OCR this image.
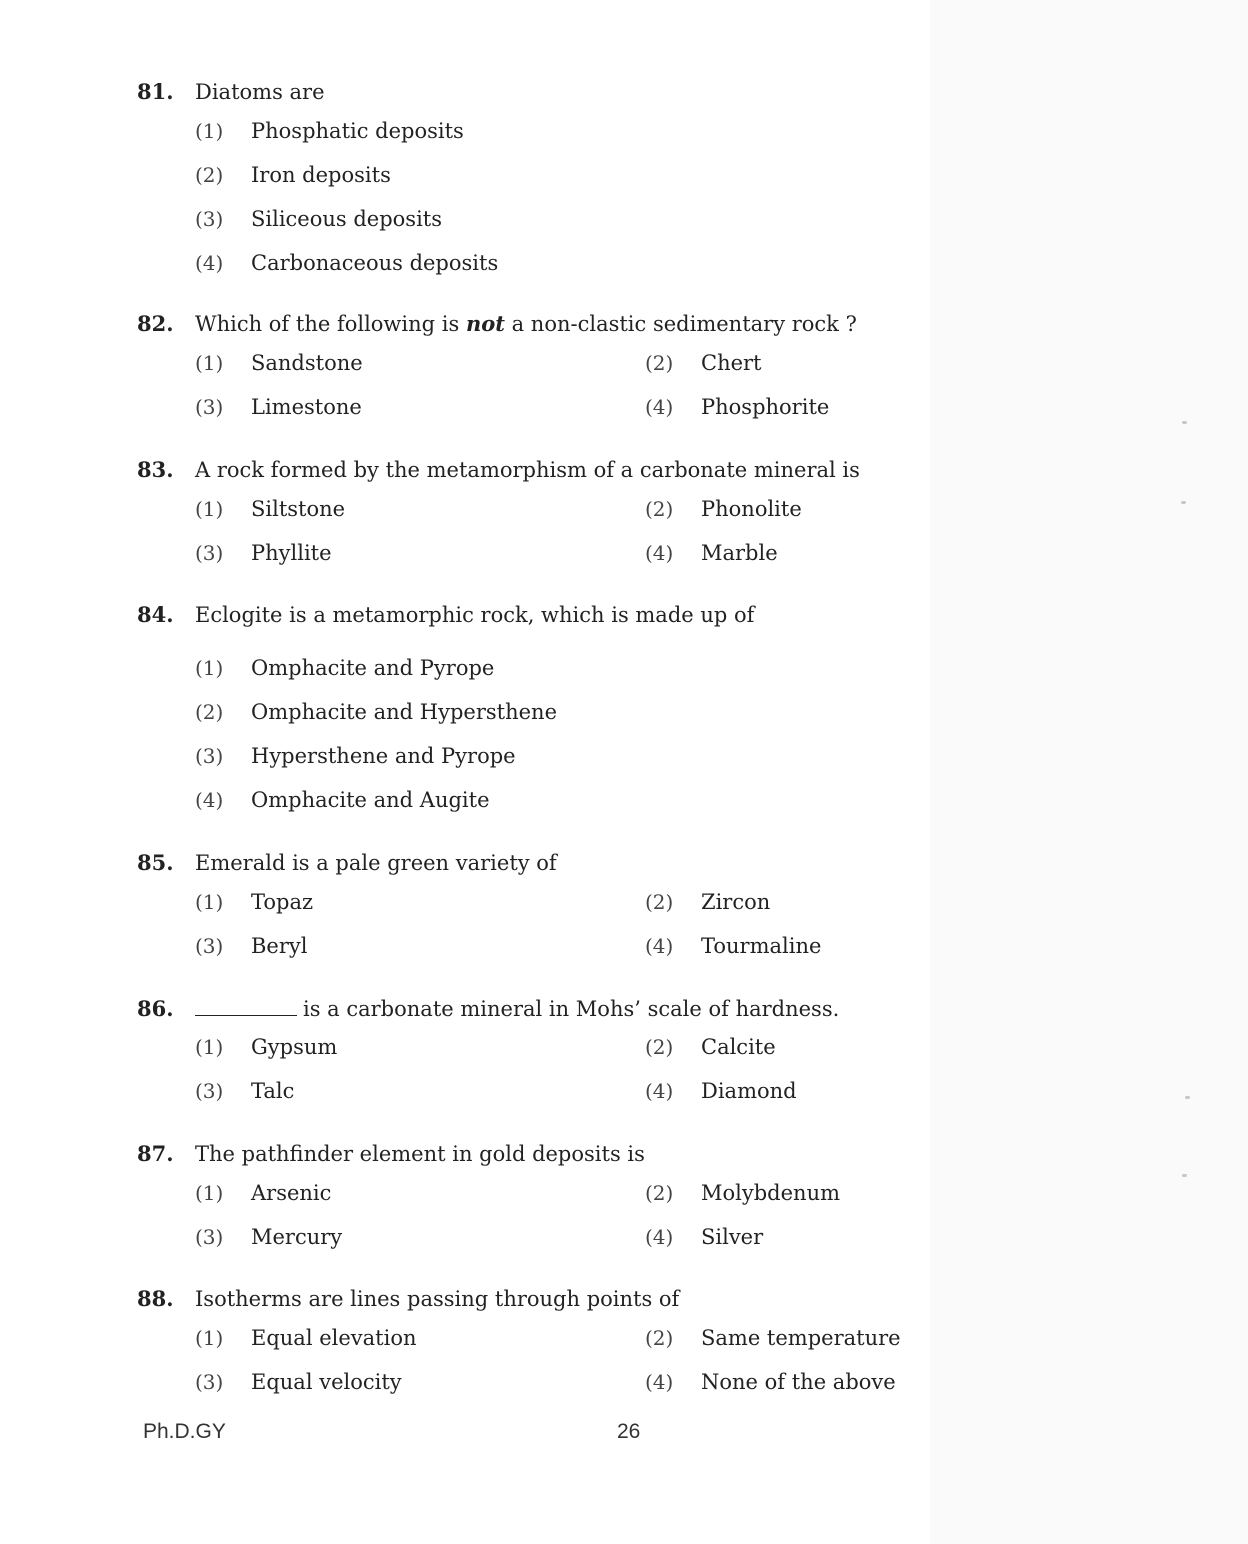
81.	Diatoms are
(1)	Phosphatic deposits
(2)	Iron deposits
(3)	Siliceous deposits
(4)	Carbonaceous deposits
82.	Which of the following is not a non-clastic sedimentary rock ?
(1)	Sandstone	(2)	Chert
(3)	Limestone	(4)	Phosphorite
83.	A rock formed by the metamorphism of a carbonate mineral is
(1)	Siltstone	(2)	Phonolite
(3)	Phyllite	(4)	Marble
84.	Eclogite is a metamorphic rock, which is made up of
(1)	Omphacite and Pyrope
(2)	Omphacite and Hypersthene
(3)	Hypersthene and Pyrope
(4)	Omphacite and Augite
85.	Emerald is a pale green variety of
(1)	Topaz	(2)	Zircon
(3)	Beryl	(4)	Tourmaline
86.	is a carbonate mineral in Mohs’ scale of hardness.
(1)	Gypsum	(2)	Calcite
(3)	Talc	(4)	Diamond
87.	The pathfinder element in gold deposits is
(1)	Arsenic	(2)	Molybdenum
(3)	Mercury	(4)	Silver
88.	Isotherms are lines passing through points of
(1)	Equal elevation	(2)	Same temperature
(3)	Equal velocity	(4)	None of the above
Ph.D.GY	26
